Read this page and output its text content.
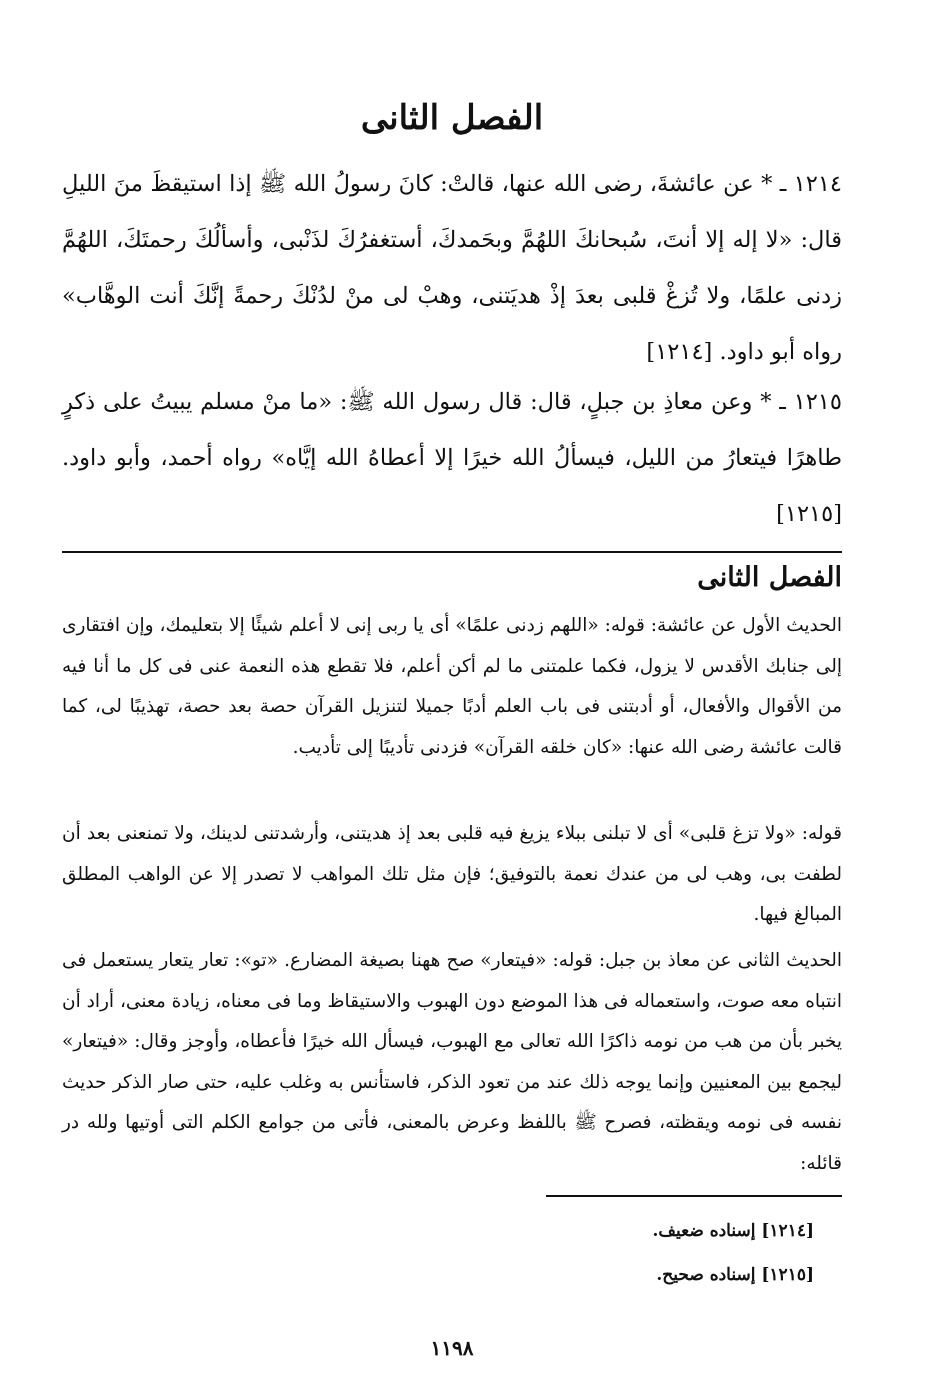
الفصل الثانى

١٢١٤ ـ * عن عائشةَ، رضى الله عنها، قالتْ: كانَ رسولُ الله ﷺ إذا استيقظَ منَ الليلِ قال: «لا إله إلا أنتَ، سُبحانكَ اللهُمَّ وبحَمدكَ، أستغفرُكَ لذَنْبى، وأسألُكَ رحمتَكَ، اللهُمَّ زدنى علمًا، ولا تُزغْ قلبى بعدَ إذْ هديَتنى، وهبْ لى منْ لدُنْكَ رحمةً إنَّكَ أنت الوهَّاب» رواه أبو داود. [١٢١٤]

١٢١٥ ـ * وعن معاذِ بن جبلٍ، قال: قال رسول الله ﷺ: «ما منْ مسلم يبيتُ على ذكرٍ طاهرًا فيتعارُ من الليل، فيسألُ الله خيرًا إلا أعطاهُ الله إيَّاه» رواه أحمد، وأبو داود. [١٢١٥]

الفصل الثانى

الحديث الأول عن عائشة: قوله: «اللهم زدنى علمًا» أى يا ربى إنى لا أعلم شيئًا إلا بتعليمك، وإن افتقارى إلى جنابك الأقدس لا يزول، فكما علمتنى ما لم أكن أعلم، فلا تقطع هذه النعمة عنى فى كل ما أنا فيه من الأقوال والأفعال، أو أدبتنى فى باب العلم أدبًا جميلا لتنزيل القرآن حصة بعد حصة، تهذيبًا لى، كما قالت عائشة رضى الله عنها: «كان خلقه القرآن» فزدنى تأديبًا إلى تأديب.

قوله: «ولا تزغ قلبى» أى لا تبلنى ببلاء يزيغ فيه قلبى بعد إذ هديتنى، وأرشدتنى لدينك، ولا تمنعنى بعد أن لطفت بى، وهب لى من عندك نعمة بالتوفيق؛ فإن مثل تلك المواهب لا تصدر إلا عن الواهب المطلق المبالغ فيها.

الحديث الثانى عن معاذ بن جبل: قوله: «فيتعار» صح ههنا بصيغة المضارع. «تو»: تعار يتعار يستعمل فى انتباه معه صوت، واستعماله فى هذا الموضع دون الهبوب والاستيقاظ وما فى معناه، زيادة معنى، أراد أن يخبر بأن من هب من نومه ذاكرًا الله تعالى مع الهبوب، فيسأل الله خيرًا فأعطاه، وأوجز وقال: «فيتعار» ليجمع بين المعنيين وإنما يوجه ذلك عند من تعود الذكر، فاستأنس به وغلب عليه، حتى صار الذكر حديث نفسه فى نومه ويقظته، فصرح ﷺ باللفظ وعرض بالمعنى، فأتى من جوامع الكلم التى أوتيها ولله در قائله:

[١٢١٤] إسناده ضعيف.

[١٢١٥] إسناده صحيح.

١١٩٨
